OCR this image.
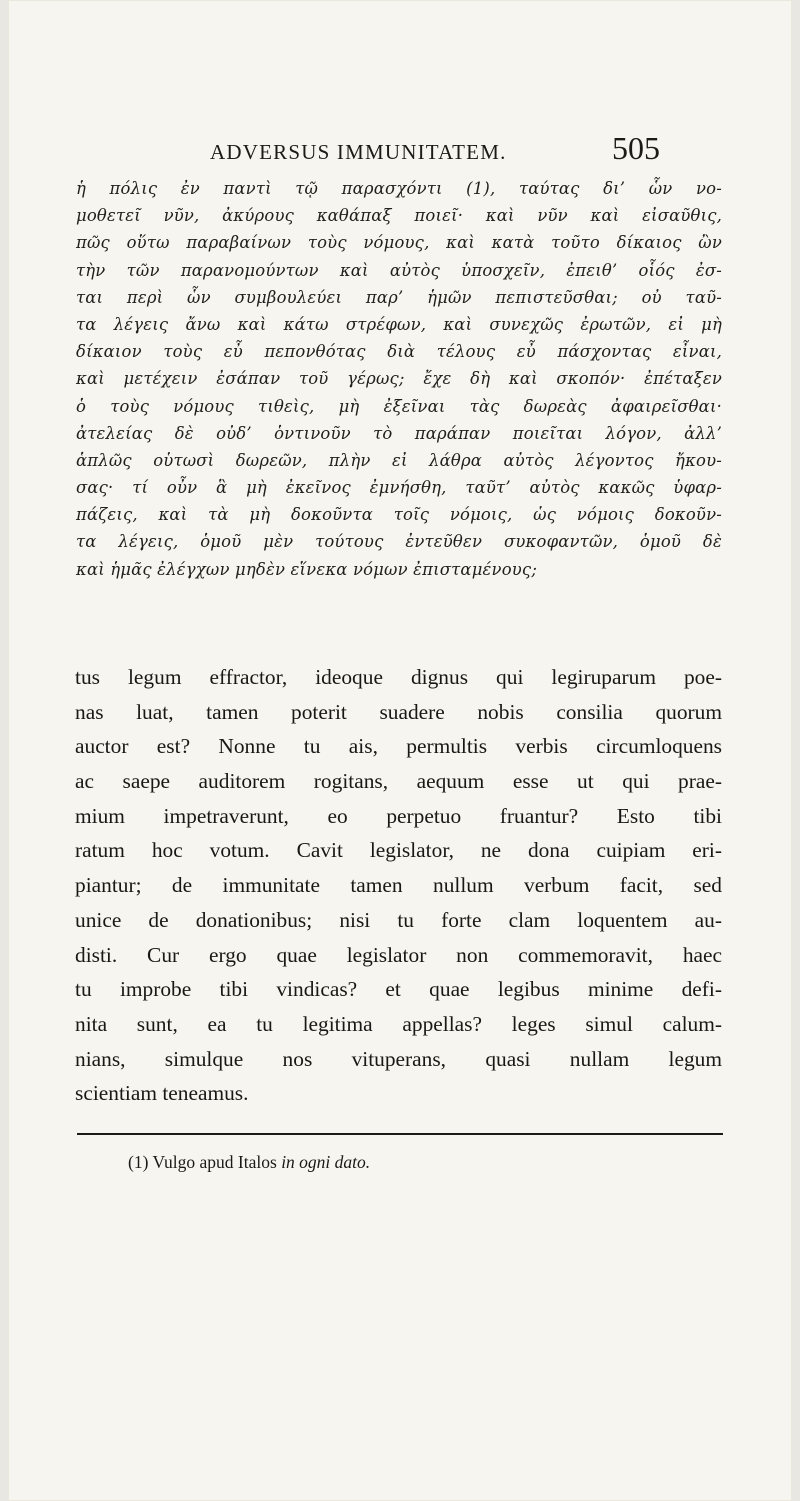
ADVERSUS IMMUNITATEM.	505
ἡ πόλις ἐν παντὶ τῷ παρασχόντι (1), ταύτας δι’ ὧν νο-
μοθετεῖ νῦν, ἀκύρους καθάπαξ ποιεῖ· καὶ νῦν καὶ εἰσαῦθις,
πῶς οὕτω παραβαίνων τοὺς νόμους, καὶ κατὰ τοῦτο δίκαιος ὢν
τὴν τῶν παρανομούντων καὶ αὐτὸς ὑποσχεῖν, ἐπειθ’ οἷός ἐσ-
ται περὶ ὧν συμβουλεύει παρ’ ἡμῶν πεπιστεῦσθαι; οὐ ταῦ-
τα λέγεις ἄνω καὶ κάτω στρέφων, καὶ συνεχῶς ἐρωτῶν, εἰ μὴ
δίκαιον τοὺς εὖ πεπονθότας διὰ τέλους εὖ πάσχοντας εἶναι,
καὶ μετέχειν ἐσάπαν τοῦ γέρως; ἔχε δὴ καὶ σκοπόν· ἐπέταξεν
ὁ τοὺς νόμους τιθεὶς, μὴ ἐξεῖναι τὰς δωρεὰς ἀφαιρεῖσθαι·
ἀτελείας δὲ οὐδ’ ὁντινοῦν τὸ παράπαν ποιεῖται λόγον, ἀλλ’
ἁπλῶς οὑτωσὶ δωρεῶν, πλὴν εἰ λάθρα αὐτὸς λέγοντος ἤκου-
σας· τί οὖν ἃ μὴ ἐκεῖνος ἐμνήσθη, ταῦτ’ αὐτὸς κακῶς ὑφαρ-
πάζεις, καὶ τὰ μὴ δοκοῦντα τοῖς νόμοις, ὡς νόμοις δοκοῦν-
τα λέγεις, ὁμοῦ μὲν τούτους ἐντεῦθεν συκοφαντῶν, ὁμοῦ δὲ
καὶ ἡμᾶς ἐλέγχων μηδὲν εἵνεκα νόμων ἐπισταμένους;
tus legum effractor, ideoque dignus qui legiruparum poe-
nas luat, tamen poterit suadere nobis consilia quorum
auctor est? Nonne tu ais, permultis verbis circumloquens
ac saepe auditorem rogitans, aequum esse ut qui prae-
mium impetraverunt, eo perpetuo fruantur? Esto tibi
ratum hoc votum. Cavit legislator, ne dona cuipiam eri-
piantur; de immunitate tamen nullum verbum facit, sed
unice de donationibus; nisi tu forte clam loquentem au-
disti. Cur ergo quae legislator non commemoravit, haec
tu improbe tibi vindicas? et quae legibus minime defi-
nita sunt, ea tu legitima appellas? leges simul calum-
nians, simulque nos vituperans, quasi nullam legum
scientiam teneamus.
(1) Vulgo apud Italos in ogni dato.
